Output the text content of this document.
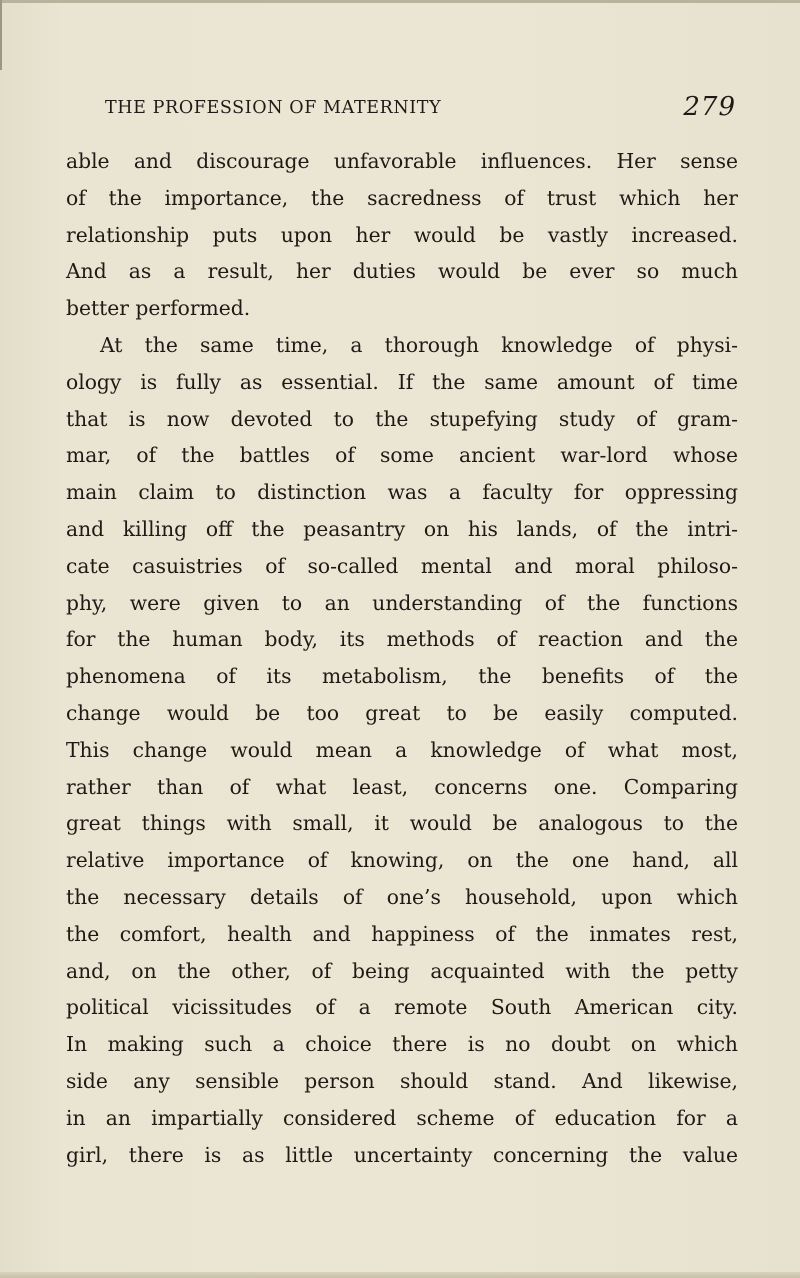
THE PROFESSION OF MATERNITY	279
able and discourage unfavorable influences. Her sense
of the importance, the sacredness of trust which her
relationship puts upon her would be vastly increased.
And as a result, her duties would be ever so much
better performed.
At the same time, a thorough knowledge of physi-
ology is fully as essential. If the same amount of time
that is now devoted to the stupefying study of gram-
mar, of the battles of some ancient war-lord whose
main claim to distinction was a faculty for oppressing
and killing off the peasantry on his lands, of the intri-
cate casuistries of so-called mental and moral philoso-
phy, were given to an understanding of the functions
for the human body, its methods of reaction and the
phenomena of its metabolism, the benefits of the
change would be too great to be easily computed.
This change would mean a knowledge of what most,
rather than of what least, concerns one. Comparing
great things with small, it would be analogous to the
relative importance of knowing, on the one hand, all
the necessary details of one’s household, upon which
the comfort, health and happiness of the inmates rest,
and, on the other, of being acquainted with the petty
political vicissitudes of a remote South American city.
In making such a choice there is no doubt on which
side any sensible person should stand. And likewise,
in an impartially considered scheme of education for a
girl, there is as little uncertainty concerning the value
